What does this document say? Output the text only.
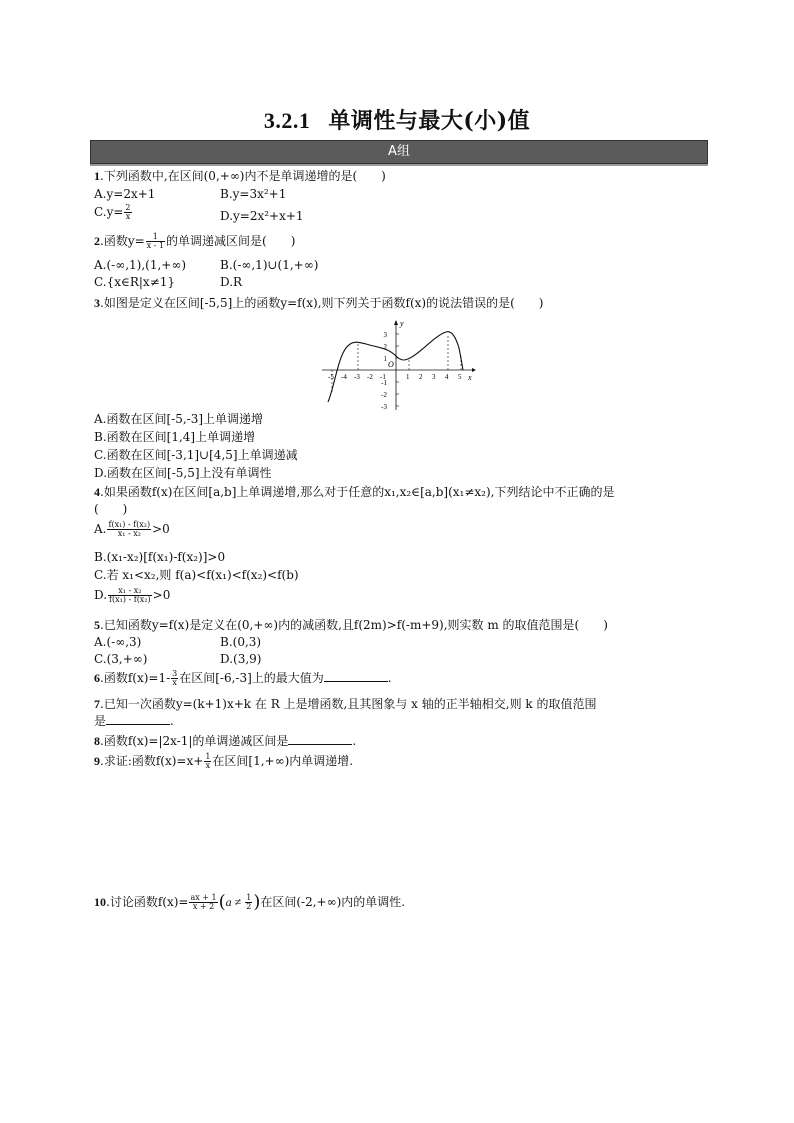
3.2.1 单调性与最大(小)值
A组
1.下列函数中,在区间(0,+∞)内不是单调递增的是(　　)
A.y=2x+1	B.y=3x²+1
$C.y= \frac{2}{x}$	D.y=2x²+x+1
2.函数$y= \frac{1}{x - 1}$ 的单调递减区间是(　　)
A.(-∞,1),(1,+∞)	B.(-∞,1)∪(1,+∞)
C.{x∈R|x≠1}	D.R
3.如图是定义在区间[-5,5]上的函数y=f(x),则下列关于函数f(x)的说法错误的是(　　)
y
x
O
-5 -4 -3 -2 -1	1 2 3 4 5
3
2
1
-1
-2
-3
A.函数在区间[-5,-3]上单调递增
B.函数在区间[1,4]上单调递增
C.函数在区间[-3,1]∪[4,5]上单调递减
D.函数在区间[-5,5]上没有单调性
4.如果函数f(x)在区间[a,b]上单调递增,那么对于任意的x₁,x₂∈[a,b](x₁≠x₂),下列结论中不正确的是
(　　)
A. $\frac{\text{f(x₁) - f(x₂)}}{\text{x₁ - x₂}} >0$
B.(x₁-x₂)[f(x₁)-f(x₂)]>0
C.若 x₁<x₂,则 f(a)<f(x₁)<f(x₂)<f(b)
D. $\frac{\text{x₁ - x₂}}{\text{f(x₁) - f(x₂)}} >0$
5.已知函数y=f(x)是定义在(0,+∞)内的减函数,且f(2m)>f(-m+9),则实数 m 的取值范围是(　　)
A.(-∞,3)	B.(0,3)
C.(3,+∞)	D.(3,9)
6.函数$f(x)=1- \frac{3}{x}$ 在区间[-6,-3]上的最大值为	.
7.已知一次函数y=(k+1)x+k 在 R 上是增函数,且其图象与 x 轴的正半轴相交,则 k 的取值范围
是	.
8.函数f(x)=|2x-1|的单调递减区间是	.
9.求证:函数$f(x)=x+ \frac{1}{x}$ 在区间[1,+∞)内单调递增.
10.讨论函数$f(x)= \frac{ax + 1}{x + 2} (a \ne \frac{1}{2}$ )在区间(-2,+∞)内的单调性.
